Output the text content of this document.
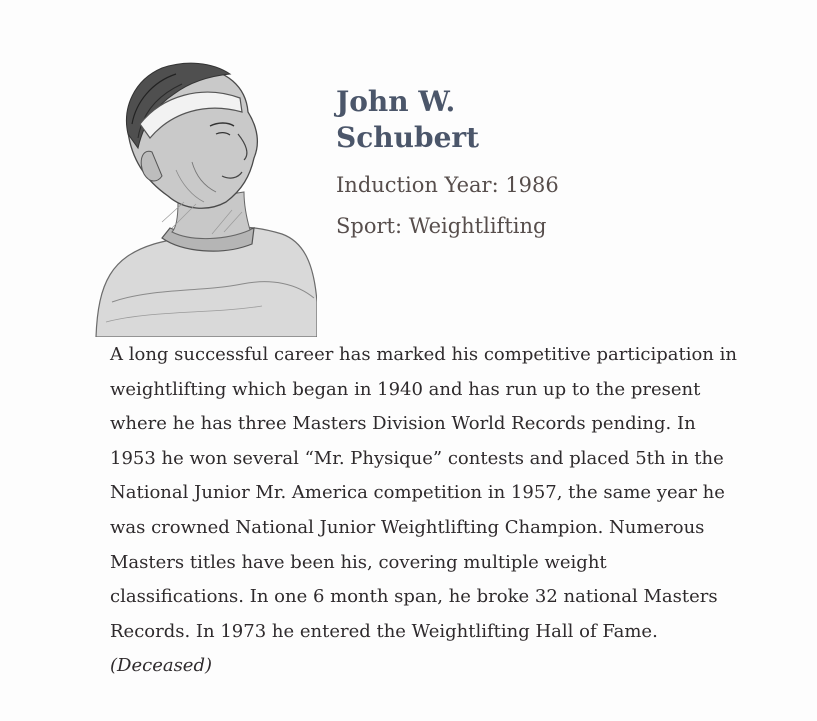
John W.
Schubert

Induction Year: 1986

Sport: Weightlifting

A long successful career has marked his competitive participation in
weightlifting which began in 1940 and has run up to the present
where he has three Masters Division World Records pending. In
1953 he won several “Mr. Physique” contests and placed 5th in the
National Junior Mr. America competition in 1957, the same year he
was crowned National Junior Weightlifting Champion. Numerous
Masters titles have been his, covering multiple weight
classifications. In one 6 month span, he broke 32 national Masters
Records. In 1973 he entered the Weightlifting Hall of Fame.
(Deceased)
